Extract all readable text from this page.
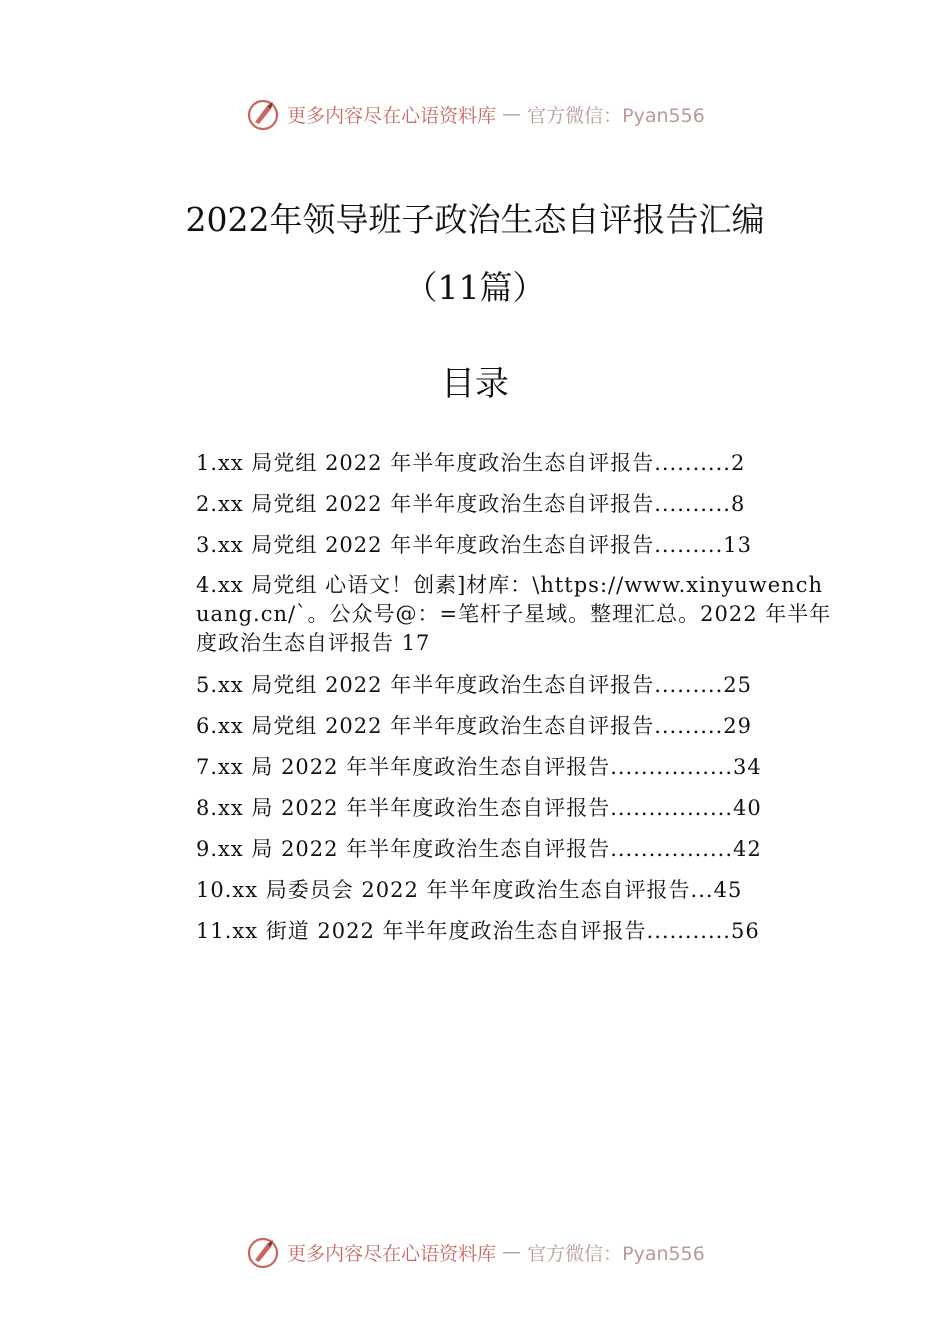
更多内容尽在心语资料库 — 官方微信：Pyan556
2022年领导班子政治生态自评报告汇编
（11篇）
目录
1.xx 局党组 2022 年半年度政治生态自评报告..........2
2.xx 局党组 2022 年半年度政治生态自评报告..........8
3.xx 局党组 2022 年半年度政治生态自评报告.........13
4.xx 局党组 心语文！创素]材库：\https://www.xinyuwenchuang.cn/`。公众号@：=笔杆子星域。整理汇总。2022 年半年度政治生态自评报告 17
5.xx 局党组 2022 年半年度政治生态自评报告.........25
6.xx 局党组 2022 年半年度政治生态自评报告.........29
7.xx 局 2022 年半年度政治生态自评报告................34
8.xx 局 2022 年半年度政治生态自评报告................40
9.xx 局 2022 年半年度政治生态自评报告................42
10.xx 局委员会 2022 年半年度政治生态自评报告...45
11.xx 街道 2022 年半年度政治生态自评报告...........56
更多内容尽在心语资料库 — 官方微信：Pyan556
